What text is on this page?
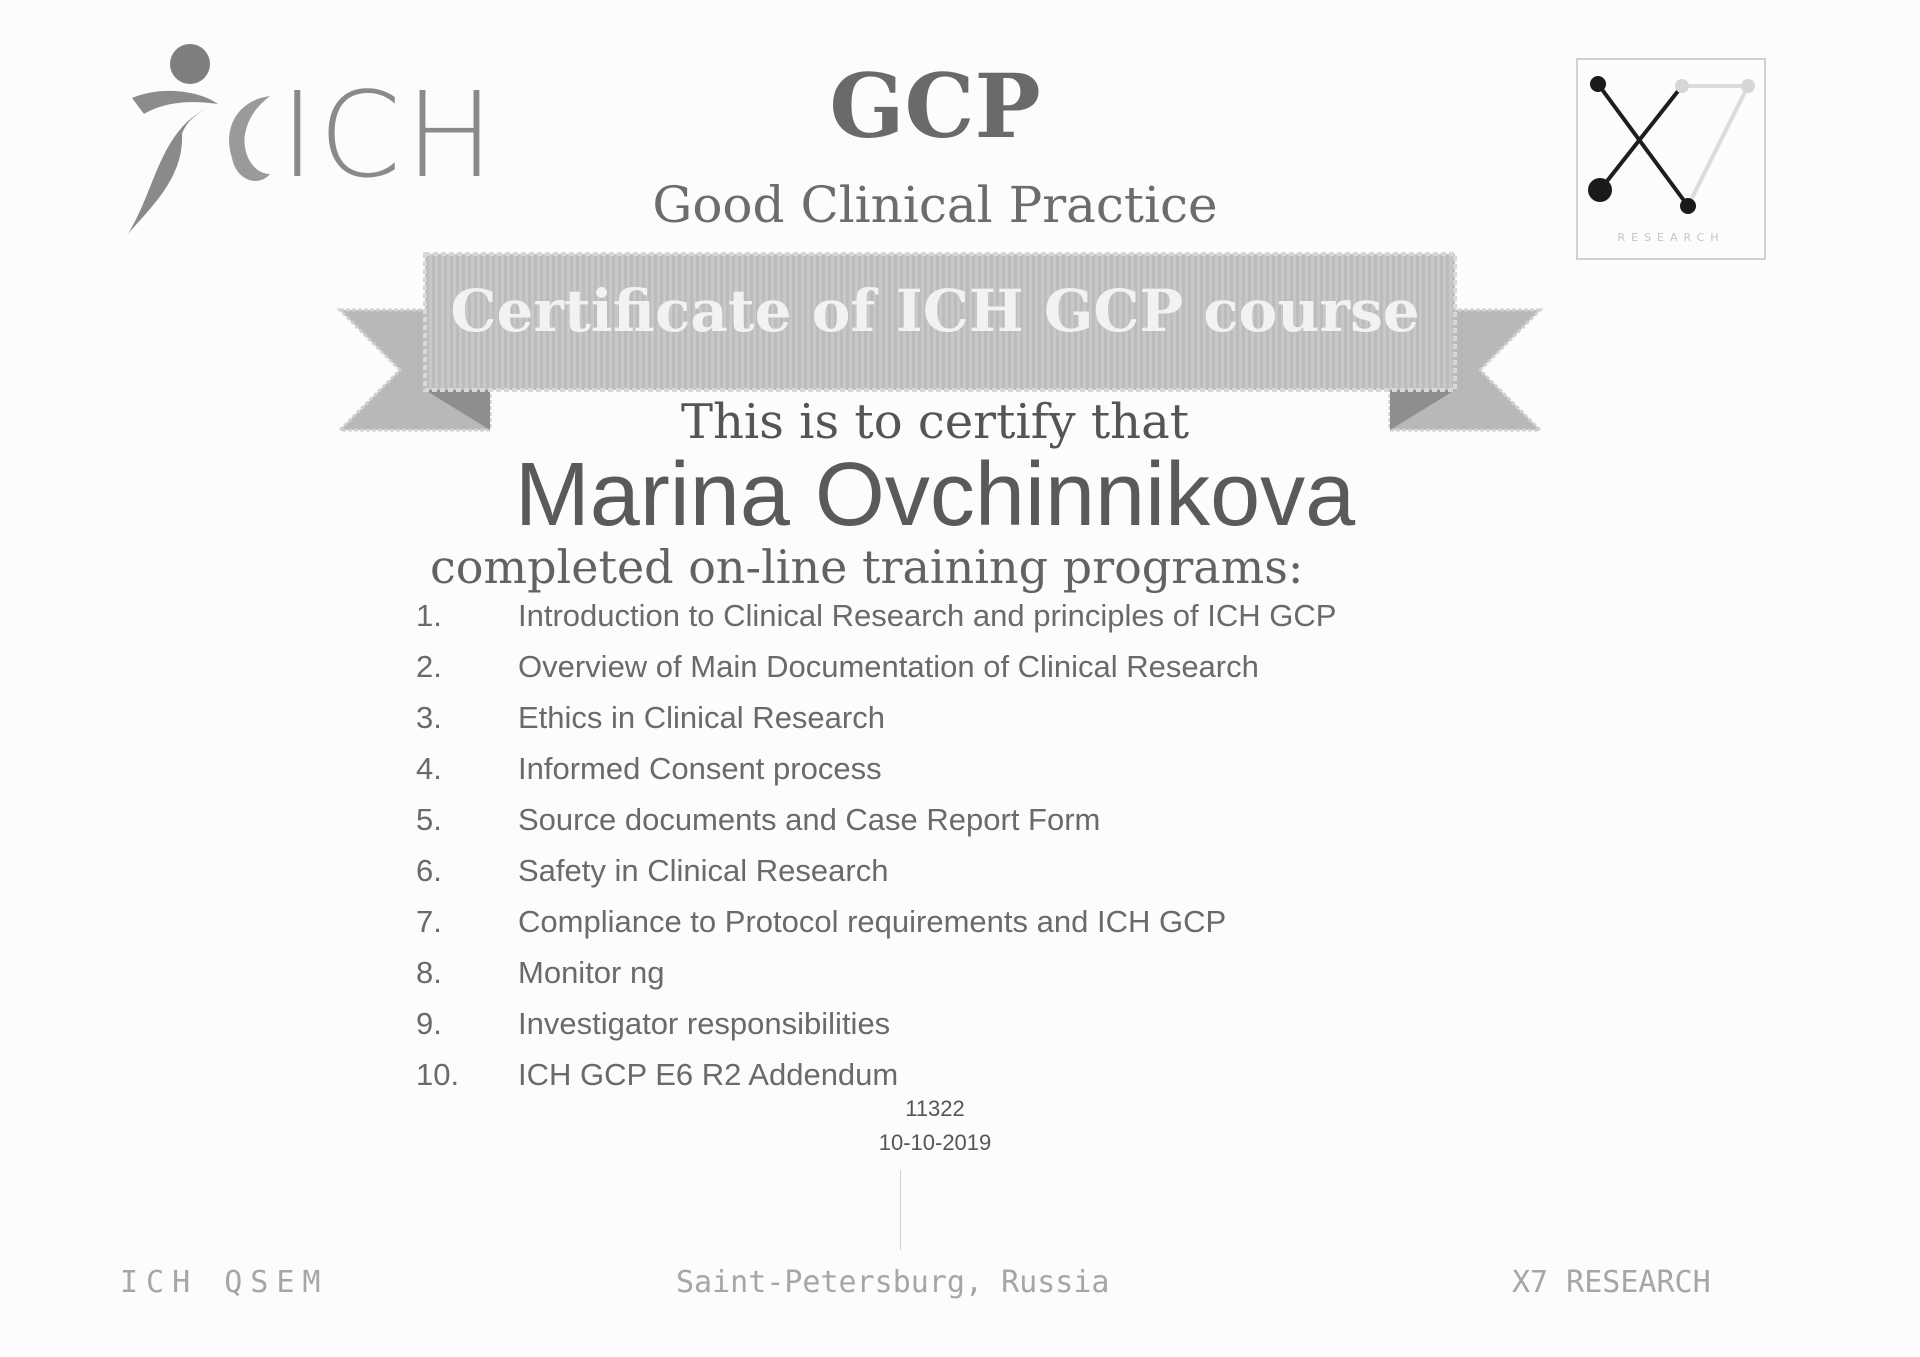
ICH	GCP
Good Clinical Practice
RESEARCH
Certificate of ICH GCP course
This is to certify that
Marina Ovchinnikova
completed on-line training programs:
1.	Introduction to Clinical Research and principles of ICH GCP
2.	Overview of Main Documentation of Clinical Research
3.	Ethics in Clinical Research
4.	Informed Consent process
5.	Source documents and Case Report Form
6.	Safety in Clinical Research
7.	Compliance to Protocol requirements and ICH GCP
8.	Monitor ng
9.	Investigator responsibilities
10.	ICH GCP E6 R2 Addendum
11322
10-10-2019
ICH QSEM	Saint-Petersburg, Russia	X7 RESEARCH
